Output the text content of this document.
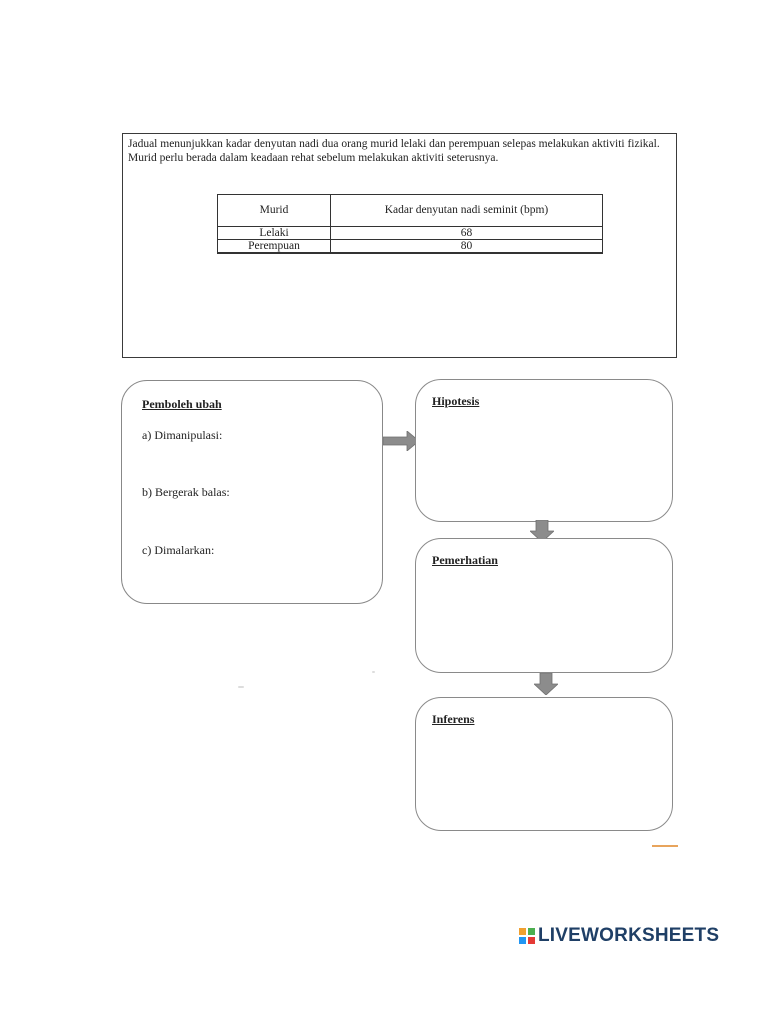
Jadual menunjukkan kadar denyutan nadi dua orang murid lelaki dan perempuan selepas melakukan aktiviti fizikal. Murid perlu berada dalam keadaan rehat sebelum melakukan aktiviti seterusnya.

Murid	Kadar denyutan nadi seminit (bpm)
Lelaki	68
Perempuan	80

Pemboleh ubah

a) Dimanipulasi:
b) Bergerak balas:
c) Dimalarkan:

Hipotesis

Pemerhatian

Inferens

LIVEWORKSHEETS
